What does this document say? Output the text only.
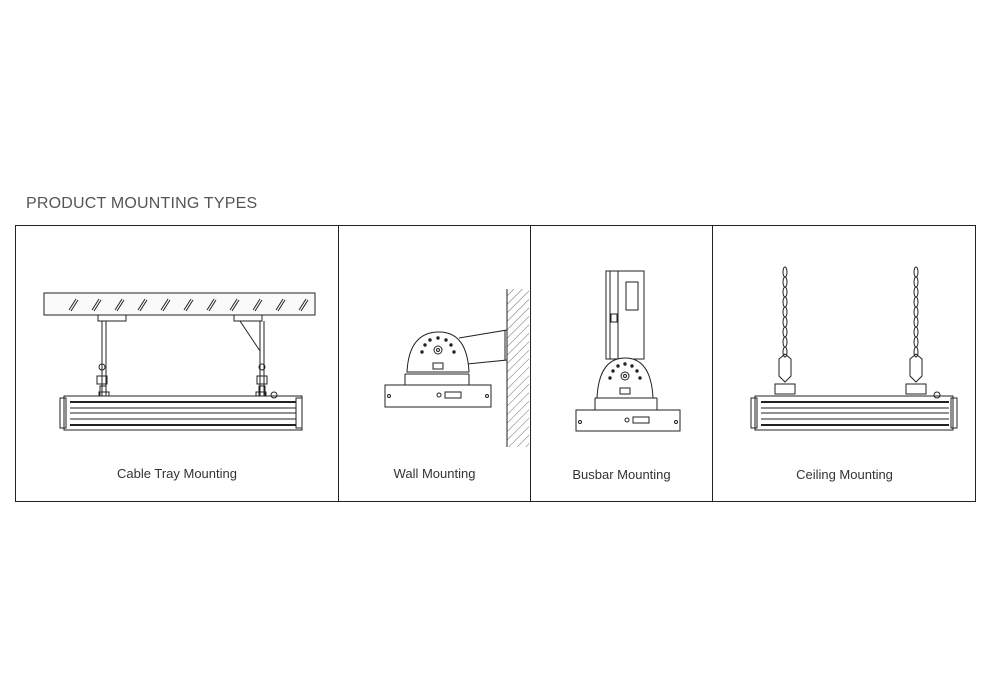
PRODUCT MOUNTING TYPES
Cable Tray Mounting	Wall Mounting	Busbar Mounting	Ceiling Mounting
